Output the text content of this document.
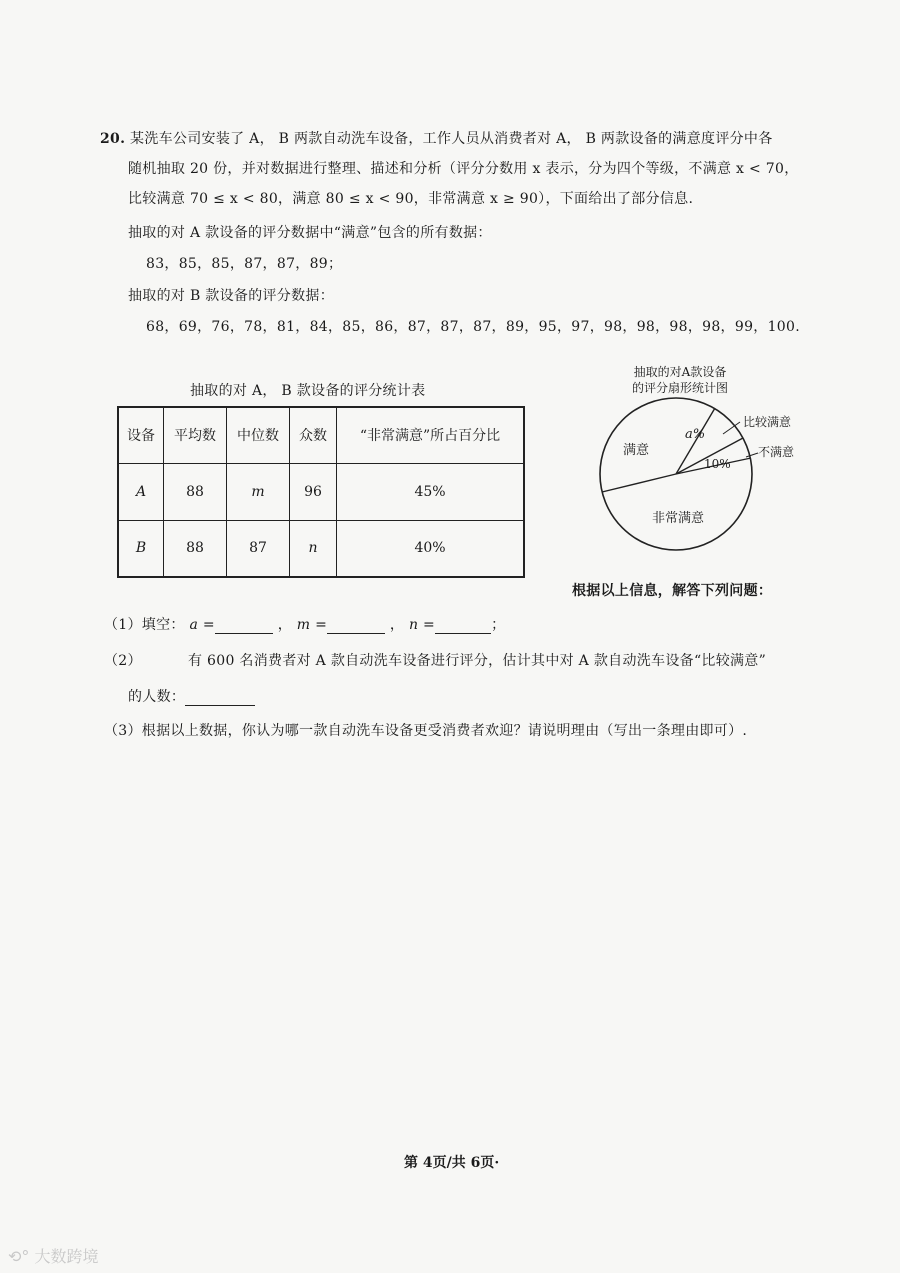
20. 某洗车公司安装了 A， B 两款自动洗车设备，工作人员从消费者对 A， B 两款设备的满意度评分中各
随机抽取 20 份，并对数据进行整理、描述和分析（评分分数用 x 表示，分为四个等级，不满意 x < 70，
比较满意 70 ≤ x < 80，满意 80 ≤ x < 90，非常满意 x ≥ 90），下面给出了部分信息.
抽取的对 A 款设备的评分数据中“满意”包含的所有数据：
83，85，85，87，87，89；
抽取的对 B 款设备的评分数据：
68，69，76，78，81，84，85，86，87，87，87，89，95，97，98，98，98，98，99，100.
抽取的对 A， B 款设备的评分统计表
设备	平均数	中位数	众数	“非常满意”所占百分比
A	88	m	96	45%
B	88	87	n	40%
抽取的对A款设备
的评分扇形统计图
满意
a%
比较满意
10%
不满意
非常满意
根据以上信息，解答下列问题：
（1）填空： a =	， m =	， n =	；
（2）	有 600 名消费者对 A 款自动洗车设备进行评分，估计其中对 A 款自动洗车设备“比较满意”
的人数：
（3）根据以上数据，你认为哪一款自动洗车设备更受消费者欢迎？请说明理由（写出一条理由即可）.
第 4页/共 6页·
⟲° 大数跨境
